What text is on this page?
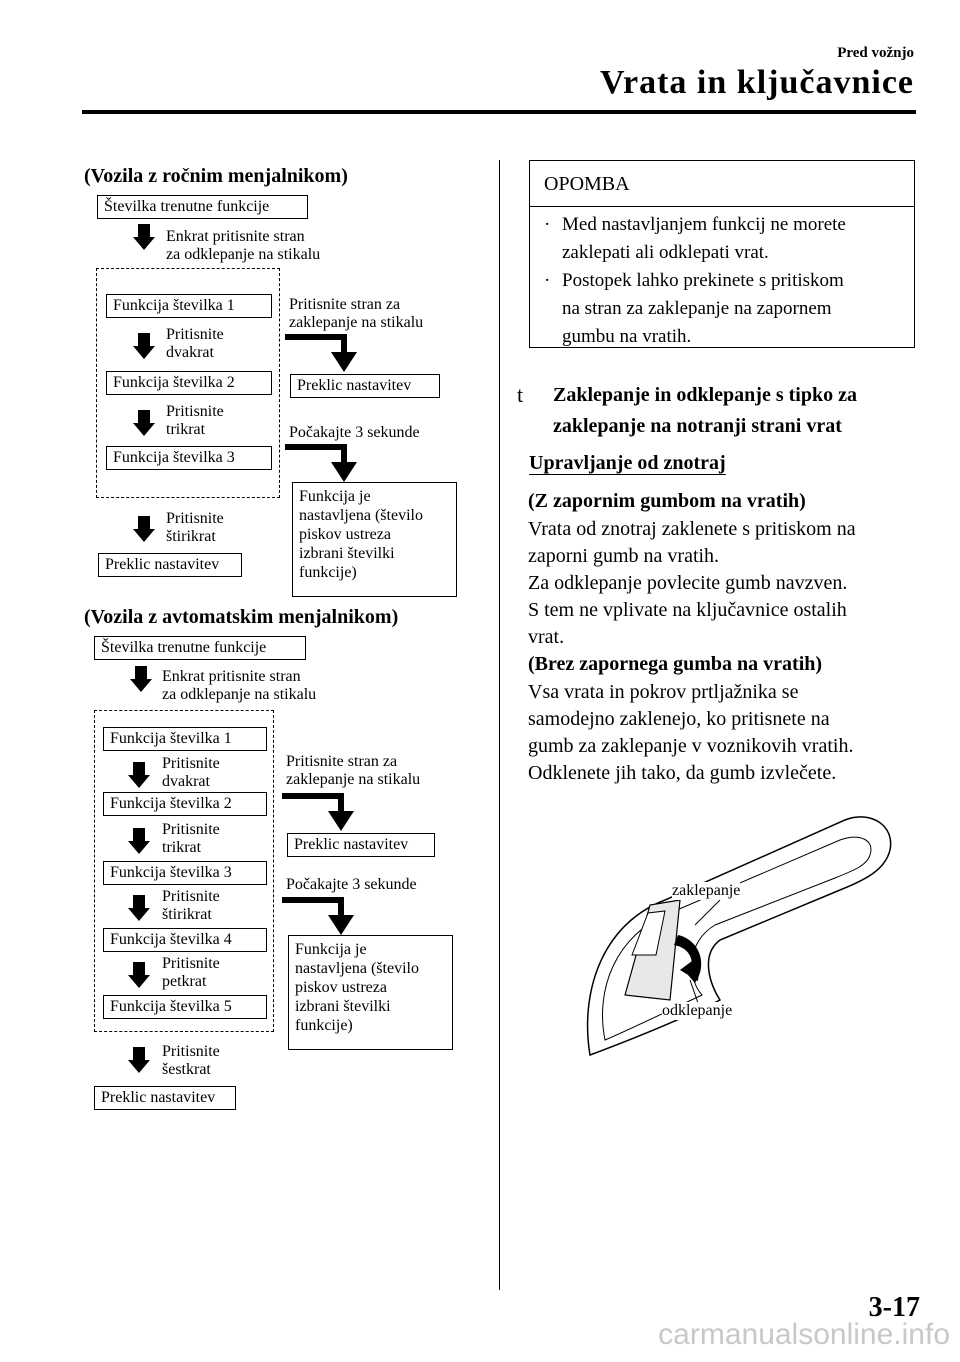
Pred vožnjo
Vrata in ključavnice
(Vozila z ročnim menjalnikom)
Številka trenutne funkcije
Enkrat pritisnite stran
za odklepanje na stikalu
Funkcija številka 1
Pritisnite
dvakrat
Funkcija številka 2
Pritisnite
trikrat
Funkcija številka 3
Pritisnite
štirikrat
Preklic nastavitev
Pritisnite stran za
zaklepanje na stikalu
Preklic nastavitev
Počakajte 3 sekunde
Funkcija je
nastavljena (število
piskov ustreza
izbrani številki
funkcije)
(Vozila z avtomatskim menjalnikom)
Številka trenutne funkcije
Enkrat pritisnite stran
za odklepanje na stikalu
Funkcija številka 1
Pritisnite
dvakrat
Funkcija številka 2
Pritisnite
trikrat
Funkcija številka 3
Pritisnite
štirikrat
Funkcija številka 4
Pritisnite
petkrat
Funkcija številka 5
Pritisnite
šestkrat
Preklic nastavitev
Pritisnite stran za
zaklepanje na stikalu
Preklic nastavitev
Počakajte 3 sekunde
Funkcija je
nastavljena (število
piskov ustreza
izbrani številki
funkcije)
OPOMBA
· Med nastavljanjem funkcij ne morete
zaklepati ali odklepati vrat.
· Postopek lahko prekinete s pritiskom
na stran za zaklepanje na zapornem
gumbu na vratih.
t Zaklepanje in odklepanje s tipko za
zaklepanje na notranji strani vrat
Upravljanje od znotraj
(Z zapornim gumbom na vratih)
Vrata od znotraj zaklenete s pritiskom na
zaporni gumb na vratih.
Za odklepanje povlecite gumb navzven.
S tem ne vplivate na ključavnice ostalih
vrat.
(Brez zapornega gumba na vratih)
Vsa vrata in pokrov prtljažnika se
samodejno zaklenejo, ko pritisnete na
gumb za zaklepanje v voznikovih vratih.
Odklenete jih tako, da gumb izvlečete.
zaklepanje
odklepanje
3-17
carmanualsonline.info
